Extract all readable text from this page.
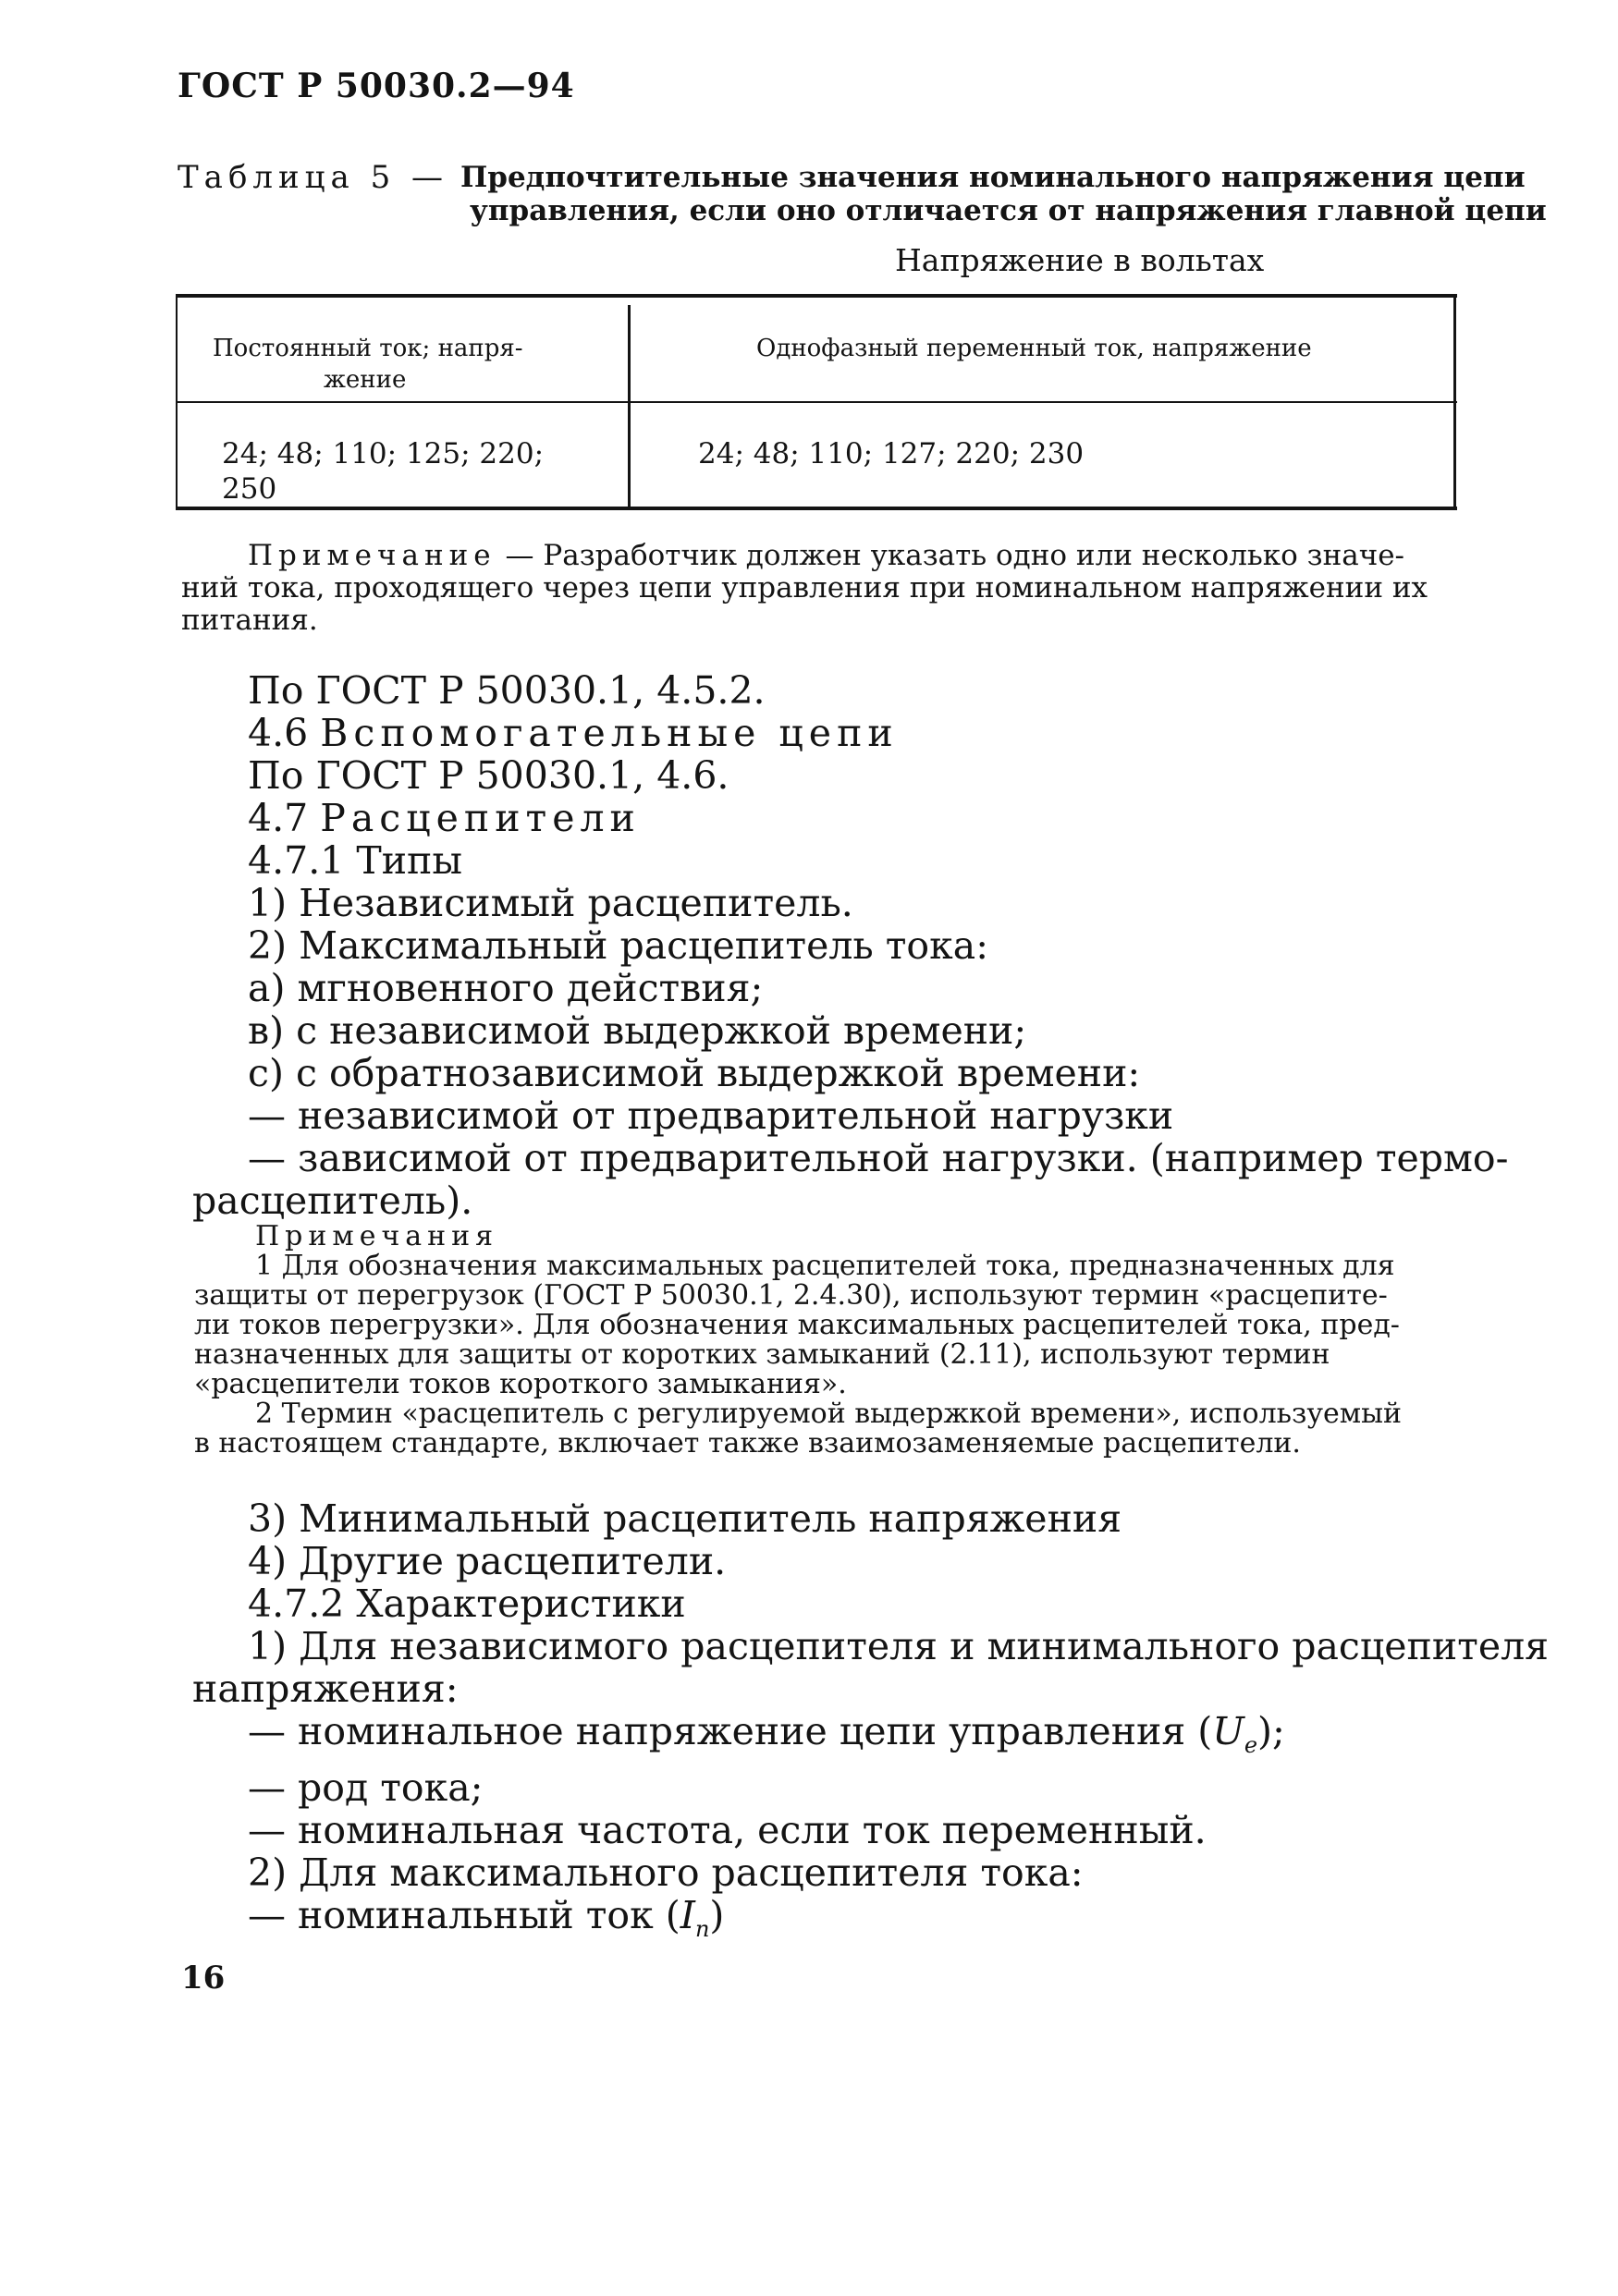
ГОСТ Р 50030.2—94
Таблица 5 — Предпочтительные значения номинального напряжения цепи
управления, если оно отличается от напряжения главной цепи
Напряжение в вольтах
Постоянный ток; напря-
жение
Однофазный переменный ток, напряжение
24; 48; 110; 125; 220;
250
24; 48; 110; 127; 220; 230
Примечание — Разработчик должен указать одно или несколько значе-
ний тока, проходящего через цепи управления при номинальном напряжении их
питания.
По ГОСТ Р 50030.1, 4.5.2.
4.6 Вспомогательные цепи
По ГОСТ Р 50030.1, 4.6.
4.7 Расцепители
4.7.1 Типы
1) Независимый расцепитель.
2) Максимальный расцепитель тока:
а) мгновенного действия;
в) с независимой выдержкой времени;
с) с обратнозависимой выдержкой времени:
— независимой от предварительной нагрузки
— зависимой от предварительной нагрузки. (например термо-
расцепитель).
Примечания
1 Для обозначения максимальных расцепителей тока, предназначенных для
защиты от перегрузок (ГОСТ Р 50030.1, 2.4.30), используют термин «расцепите-
ли токов перегрузки». Для обозначения максимальных расцепителей тока, пред-
назначенных для защиты от коротких замыканий (2.11), используют термин
«расцепители токов короткого замыкания».
2 Термин «расцепитель с регулируемой выдержкой времени», используемый
в настоящем стандарте, включает также взаимозаменяемые расцепители.
3) Минимальный расцепитель напряжения
4) Другие расцепители.
4.7.2 Характеристики
1) Для независимого расцепителя и минимального расцепителя
напряжения:
— номинальное напряжение цепи управления $(U_e)$;
— род тока;
— номинальная частота, если ток переменный.
2) Для максимального расцепителя тока:
— номинальный ток $(I_n)$
16
